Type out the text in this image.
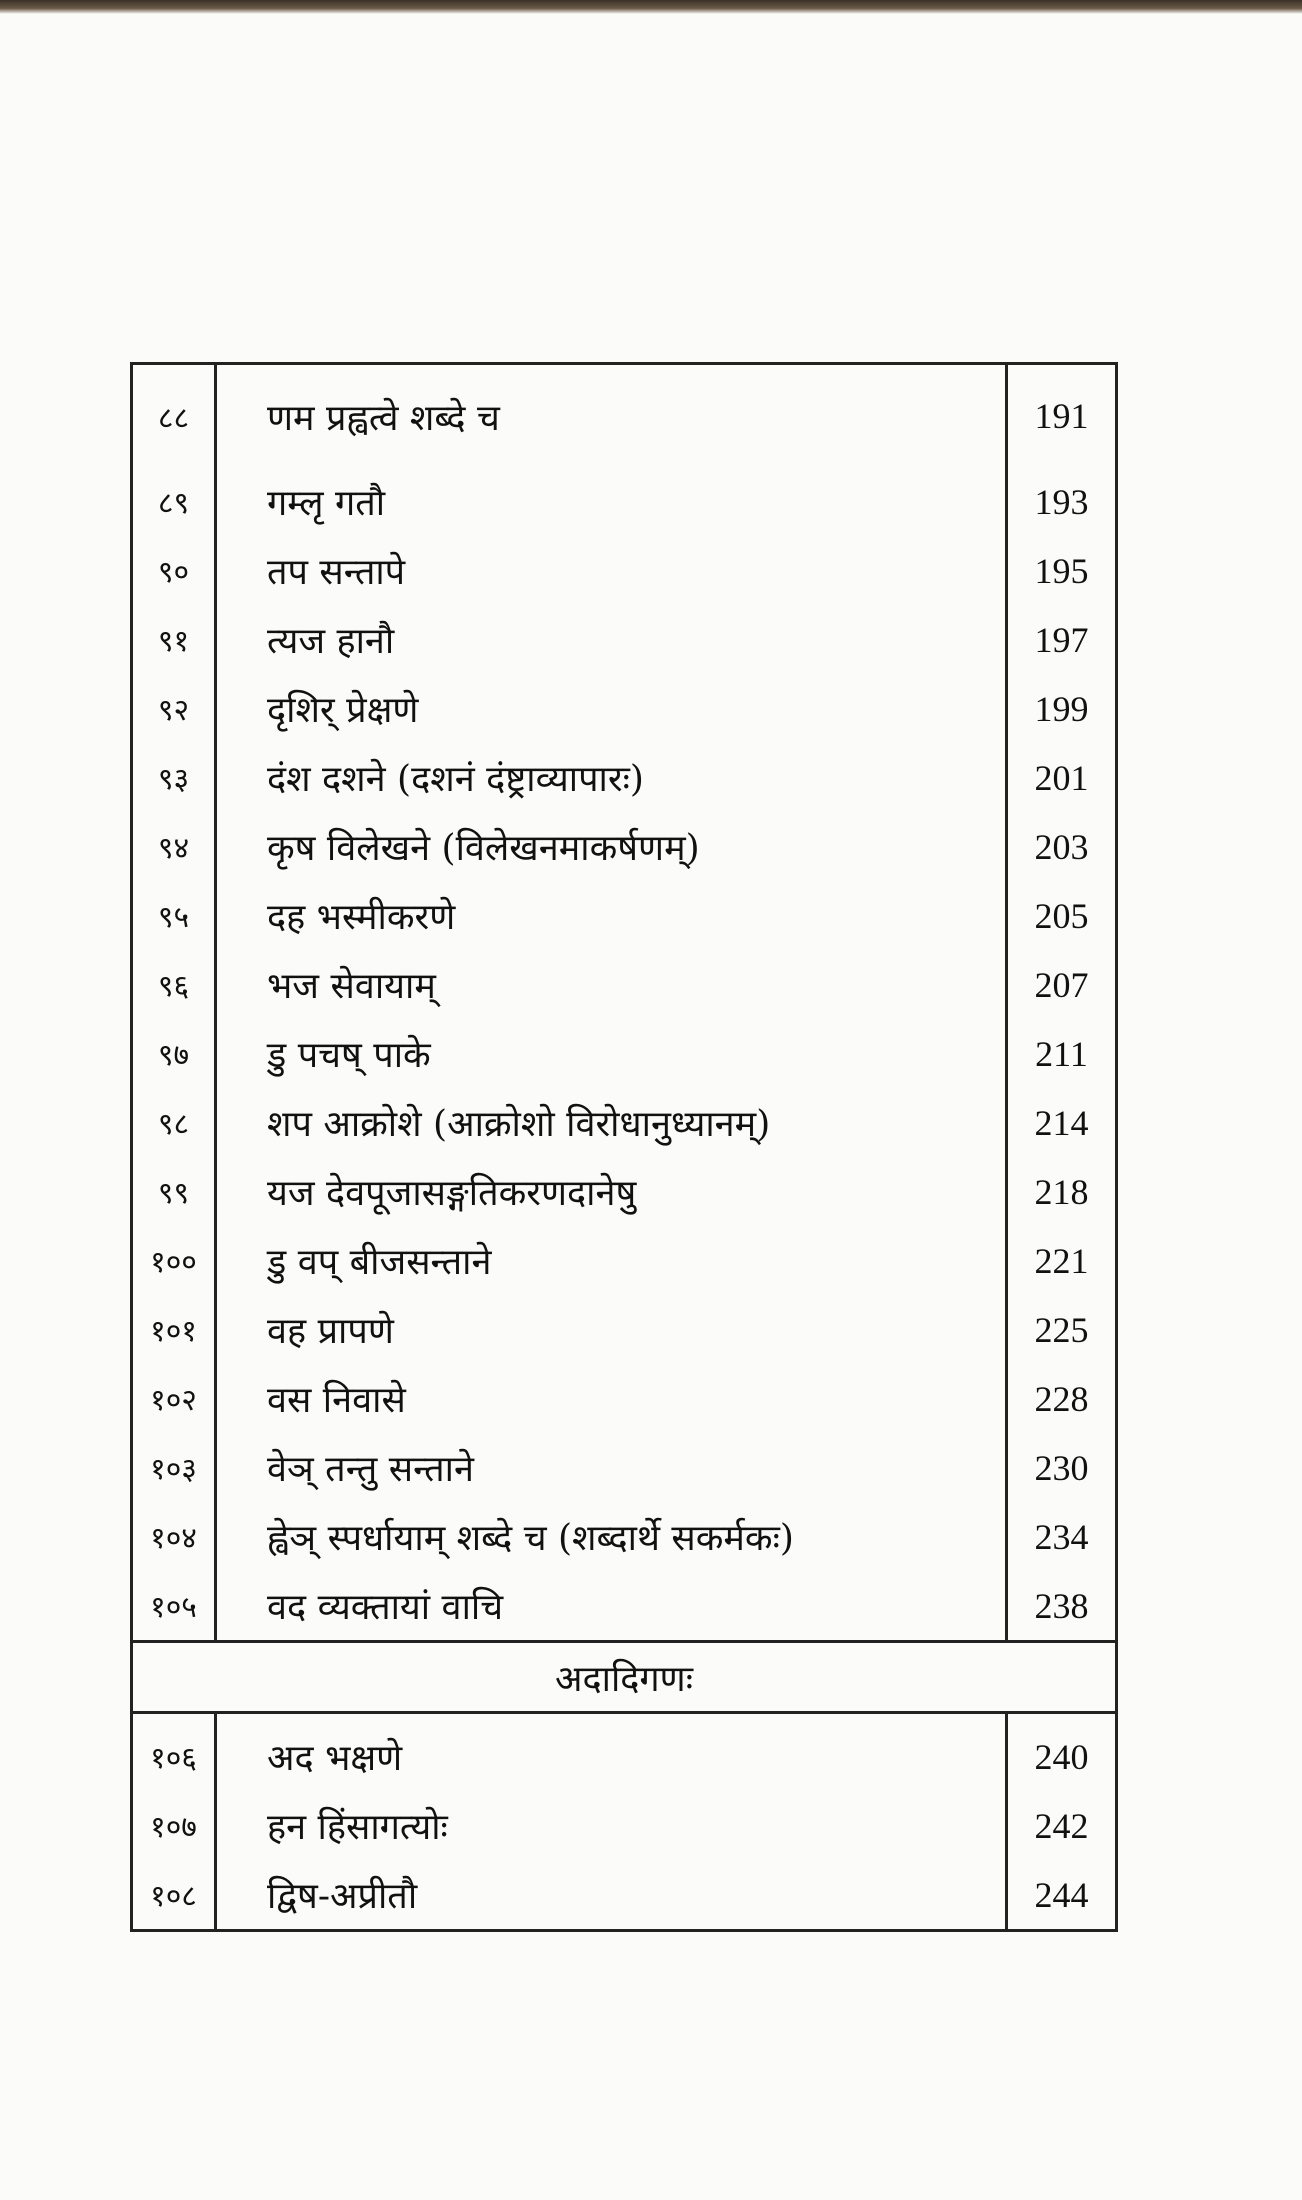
८८	णम प्रह्वत्वे शब्दे च	191
८९	गम्लृ गतौ	193
९०	तप सन्तापे	195
९१	त्यज हानौ	197
९२	दृशिर् प्रेक्षणे	199
९३	दंश दशने (दशनं दंष्ट्राव्यापारः)	201
९४	कृष विलेखने (विलेखनमाकर्षणम्)	203
९५	दह भस्मीकरणे	205
९६	भज सेवायाम्	207
९७	डु पचष् पाके	211
९८	शप आक्रोशे (आक्रोशो विरोधानुध्यानम्)	214
९९	यज देवपूजासङ्गतिकरणदानेषु	218
१००	डु वप् बीजसन्ताने	221
१०१	वह प्रापणे	225
१०२	वस निवासे	228
१०३	वेञ् तन्तु सन्ताने	230
१०४	ह्वेञ् स्पर्धायाम् शब्दे च (शब्दार्थे सकर्मकः)	234
१०५	वद व्यक्तायां वाचि	238
अदादिगणः		

१०६	अद भक्षणे	240
१०७	हन हिंसागत्योः	242
१०८	द्विष-अप्रीतौ	244
